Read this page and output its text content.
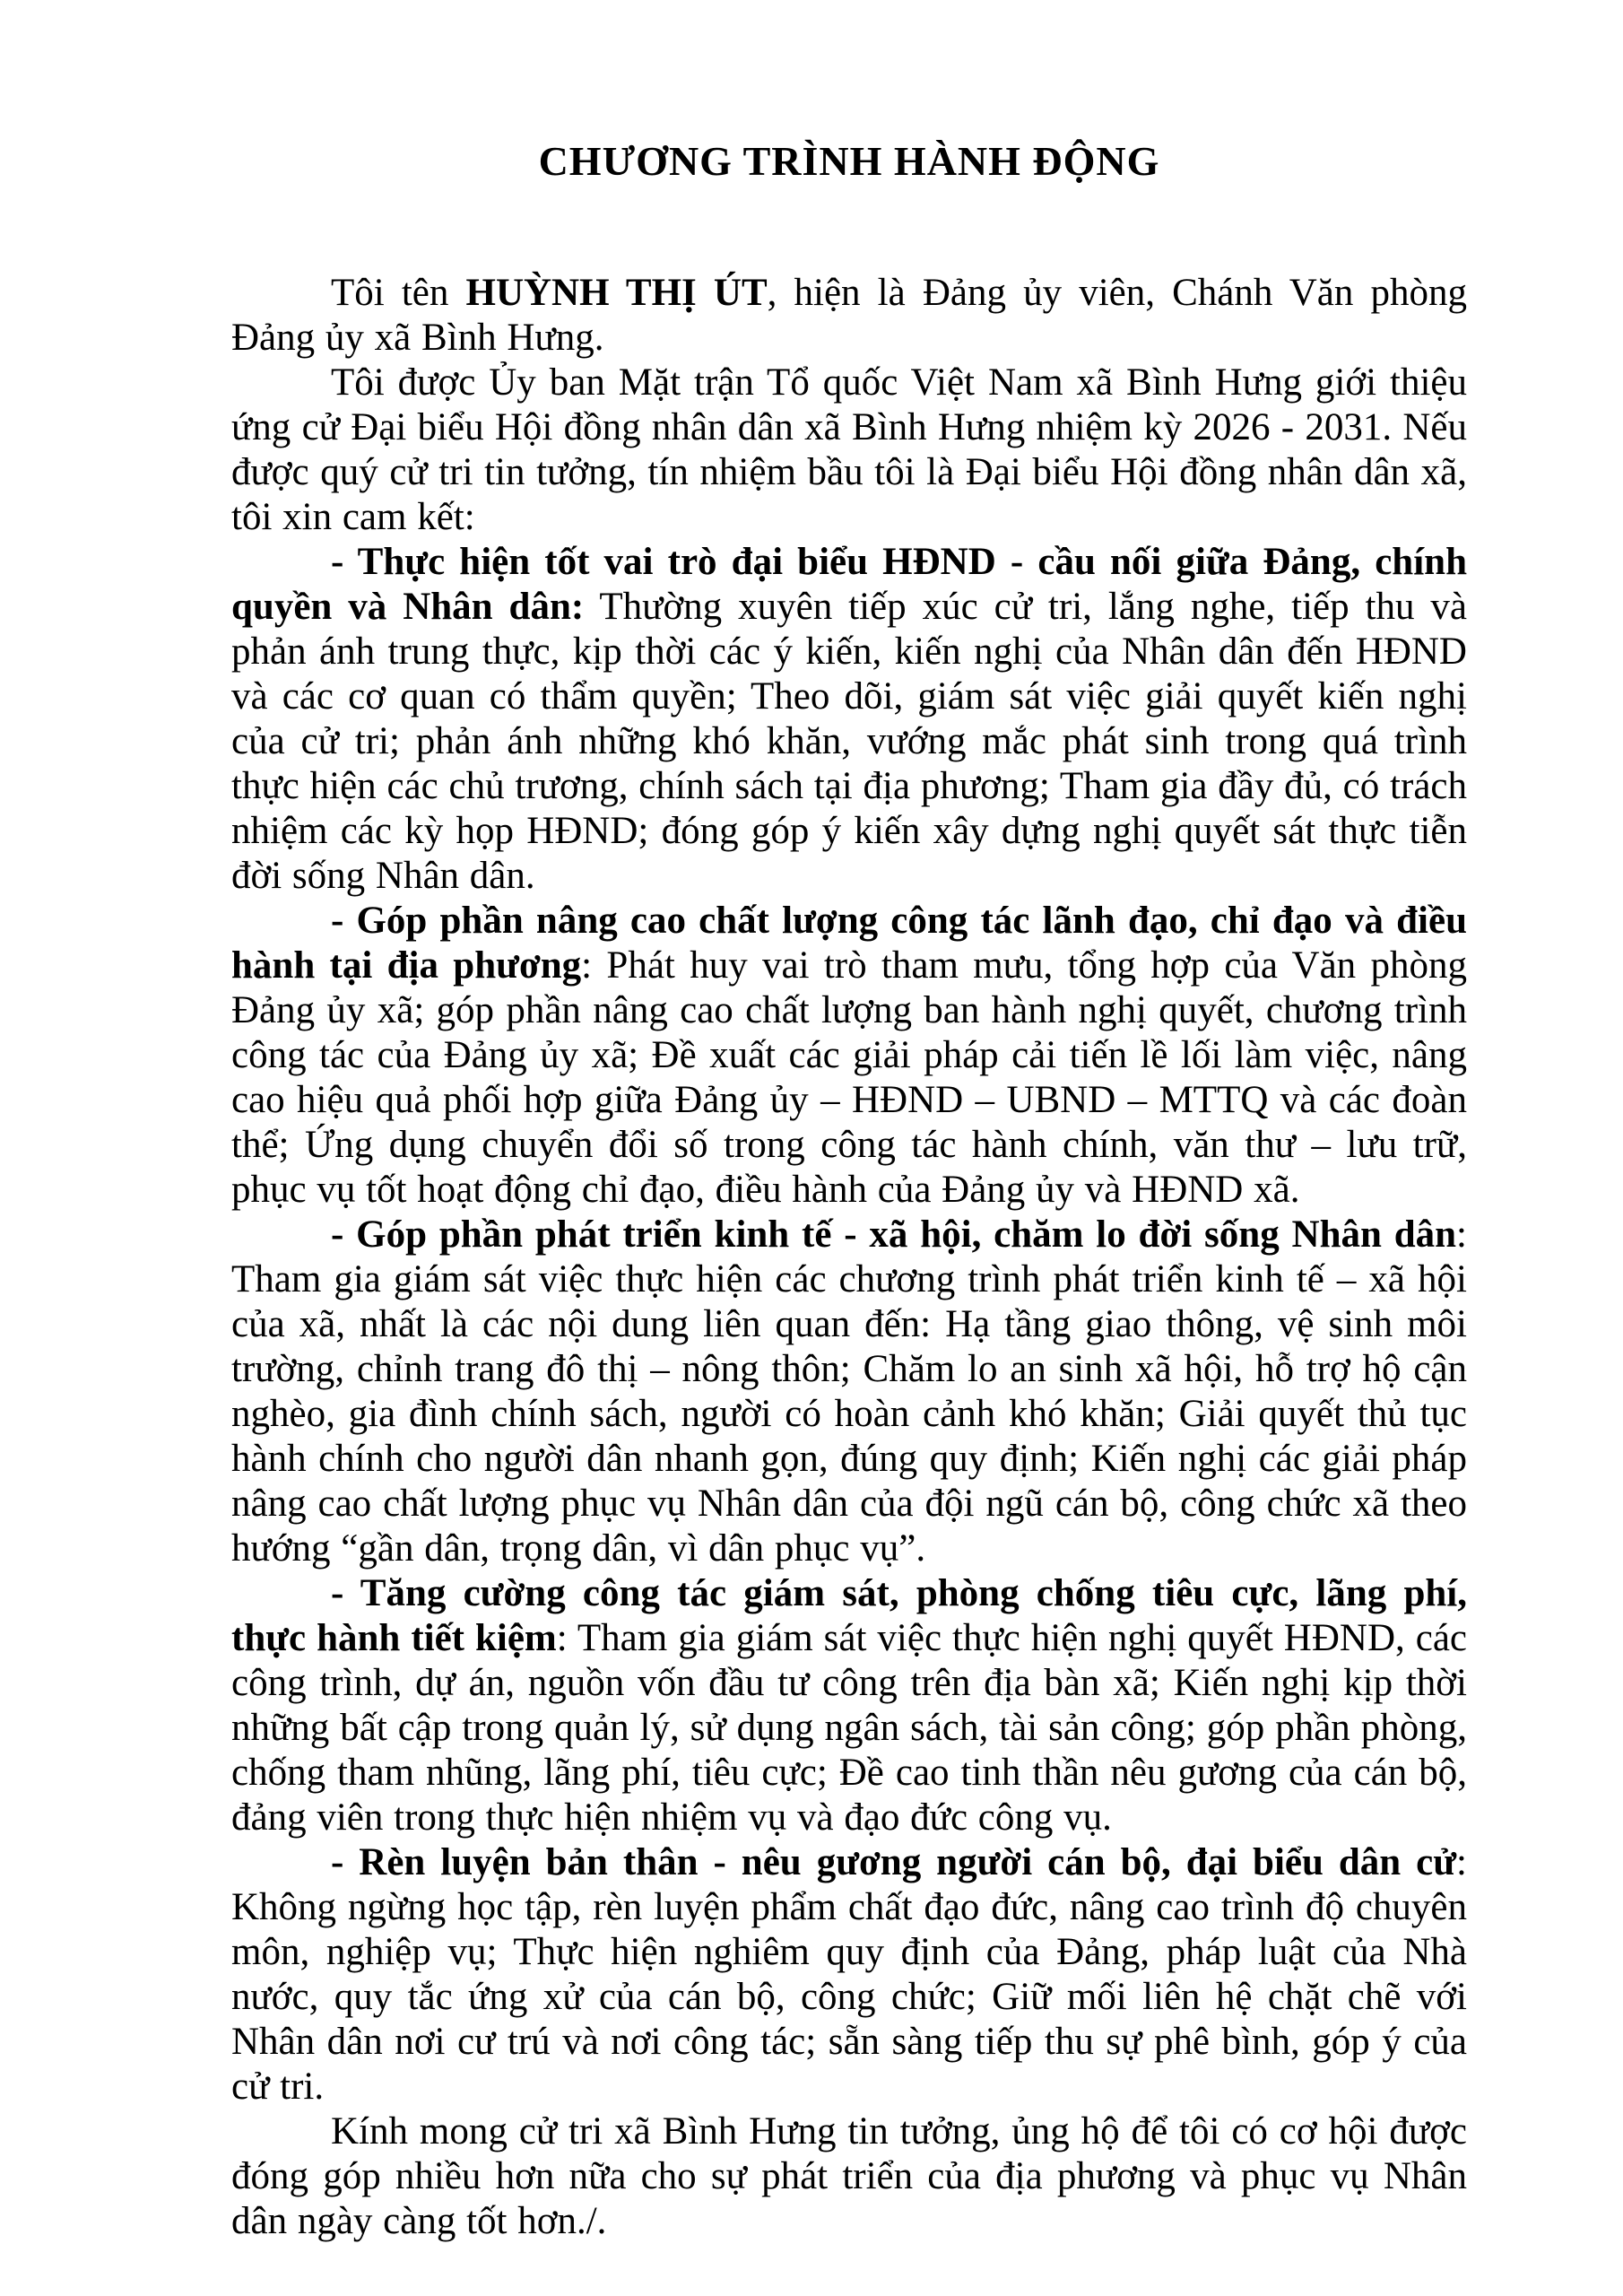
CHƯƠNG TRÌNH HÀNH ĐỘNG

Tôi tên HUỲNH THỊ ÚT, hiện là Đảng ủy viên, Chánh Văn phòng Đảng ủy xã Bình Hưng.

Tôi được Ủy ban Mặt trận Tổ quốc Việt Nam xã Bình Hưng giới thiệu ứng cử Đại biểu Hội đồng nhân dân xã Bình Hưng nhiệm kỳ 2026 - 2031. Nếu được quý cử tri tin tưởng, tín nhiệm bầu tôi là Đại biểu Hội đồng nhân dân xã, tôi xin cam kết:

- Thực hiện tốt vai trò đại biểu HĐND - cầu nối giữa Đảng, chính quyền và Nhân dân: Thường xuyên tiếp xúc cử tri, lắng nghe, tiếp thu và phản ánh trung thực, kịp thời các ý kiến, kiến nghị của Nhân dân đến HĐND và các cơ quan có thẩm quyền; Theo dõi, giám sát việc giải quyết kiến nghị của cử tri; phản ánh những khó khăn, vướng mắc phát sinh trong quá trình thực hiện các chủ trương, chính sách tại địa phương; Tham gia đầy đủ, có trách nhiệm các kỳ họp HĐND; đóng góp ý kiến xây dựng nghị quyết sát thực tiễn đời sống Nhân dân.

- Góp phần nâng cao chất lượng công tác lãnh đạo, chỉ đạo và điều hành tại địa phương: Phát huy vai trò tham mưu, tổng hợp của Văn phòng Đảng ủy xã; góp phần nâng cao chất lượng ban hành nghị quyết, chương trình công tác của Đảng ủy xã; Đề xuất các giải pháp cải tiến lề lối làm việc, nâng cao hiệu quả phối hợp giữa Đảng ủy – HĐND – UBND – MTTQ và các đoàn thể; Ứng dụng chuyển đổi số trong công tác hành chính, văn thư – lưu trữ, phục vụ tốt hoạt động chỉ đạo, điều hành của Đảng ủy và HĐND xã.

- Góp phần phát triển kinh tế - xã hội, chăm lo đời sống Nhân dân: Tham gia giám sát việc thực hiện các chương trình phát triển kinh tế – xã hội của xã, nhất là các nội dung liên quan đến: Hạ tầng giao thông, vệ sinh môi trường, chỉnh trang đô thị – nông thôn; Chăm lo an sinh xã hội, hỗ trợ hộ cận nghèo, gia đình chính sách, người có hoàn cảnh khó khăn; Giải quyết thủ tục hành chính cho người dân nhanh gọn, đúng quy định; Kiến nghị các giải pháp nâng cao chất lượng phục vụ Nhân dân của đội ngũ cán bộ, công chức xã theo hướng “gần dân, trọng dân, vì dân phục vụ”.

- Tăng cường công tác giám sát, phòng chống tiêu cực, lãng phí, thực hành tiết kiệm: Tham gia giám sát việc thực hiện nghị quyết HĐND, các công trình, dự án, nguồn vốn đầu tư công trên địa bàn xã; Kiến nghị kịp thời những bất cập trong quản lý, sử dụng ngân sách, tài sản công; góp phần phòng, chống tham nhũng, lãng phí, tiêu cực; Đề cao tinh thần nêu gương của cán bộ, đảng viên trong thực hiện nhiệm vụ và đạo đức công vụ.

- Rèn luyện bản thân - nêu gương người cán bộ, đại biểu dân cử: Không ngừng học tập, rèn luyện phẩm chất đạo đức, nâng cao trình độ chuyên môn, nghiệp vụ; Thực hiện nghiêm quy định của Đảng, pháp luật của Nhà nước, quy tắc ứng xử của cán bộ, công chức; Giữ mối liên hệ chặt chẽ với Nhân dân nơi cư trú và nơi công tác; sẵn sàng tiếp thu sự phê bình, góp ý của cử tri.

Kính mong cử tri xã Bình Hưng tin tưởng, ủng hộ để tôi có cơ hội được đóng góp nhiều hơn nữa cho sự phát triển của địa phương và phục vụ Nhân dân ngày càng tốt hơn./.
